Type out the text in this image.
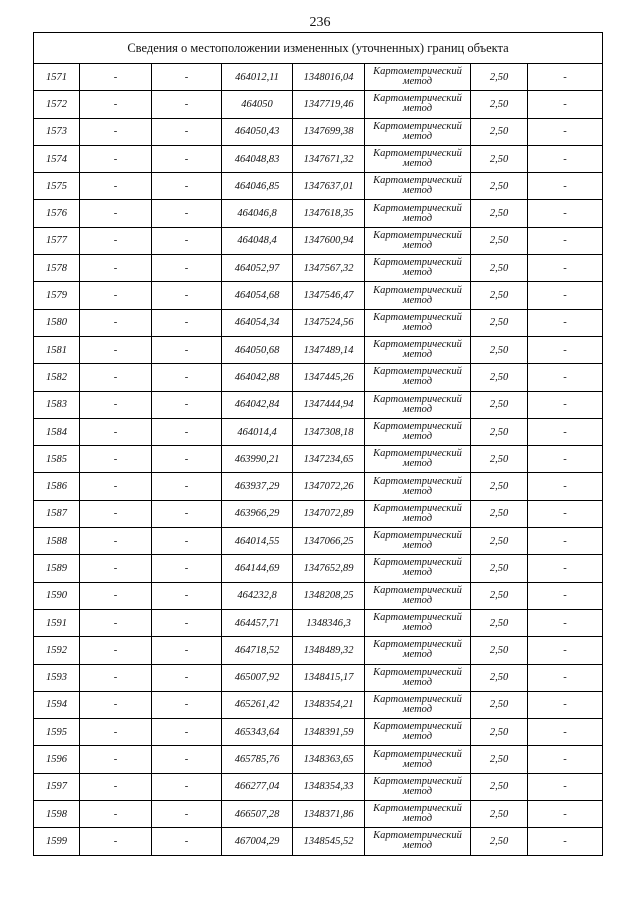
236
Сведения о местоположении измененных (уточненных) границ объекта							
1571	-	-	464012,11	1348016,04	Картометрический
метод	2,50	-
1572	-	-	464050	1347719,46	Картометрический
метод	2,50	-
1573	-	-	464050,43	1347699,38	Картометрический
метод	2,50	-
1574	-	-	464048,83	1347671,32	Картометрический
метод	2,50	-
1575	-	-	464046,85	1347637,01	Картометрический
метод	2,50	-
1576	-	-	464046,8	1347618,35	Картометрический
метод	2,50	-
1577	-	-	464048,4	1347600,94	Картометрический
метод	2,50	-
1578	-	-	464052,97	1347567,32	Картометрический
метод	2,50	-
1579	-	-	464054,68	1347546,47	Картометрический
метод	2,50	-
1580	-	-	464054,34	1347524,56	Картометрический
метод	2,50	-
1581	-	-	464050,68	1347489,14	Картометрический
метод	2,50	-
1582	-	-	464042,88	1347445,26	Картометрический
метод	2,50	-
1583	-	-	464042,84	1347444,94	Картометрический
метод	2,50	-
1584	-	-	464014,4	1347308,18	Картометрический
метод	2,50	-
1585	-	-	463990,21	1347234,65	Картометрический
метод	2,50	-
1586	-	-	463937,29	1347072,26	Картометрический
метод	2,50	-
1587	-	-	463966,29	1347072,89	Картометрический
метод	2,50	-
1588	-	-	464014,55	1347066,25	Картометрический
метод	2,50	-
1589	-	-	464144,69	1347652,89	Картометрический
метод	2,50	-
1590	-	-	464232,8	1348208,25	Картометрический
метод	2,50	-
1591	-	-	464457,71	1348346,3	Картометрический
метод	2,50	-
1592	-	-	464718,52	1348489,32	Картометрический
метод	2,50	-
1593	-	-	465007,92	1348415,17	Картометрический
метод	2,50	-
1594	-	-	465261,42	1348354,21	Картометрический
метод	2,50	-
1595	-	-	465343,64	1348391,59	Картометрический
метод	2,50	-
1596	-	-	465785,76	1348363,65	Картометрический
метод	2,50	-
1597	-	-	466277,04	1348354,33	Картометрический
метод	2,50	-
1598	-	-	466507,28	1348371,86	Картометрический
метод	2,50	-
1599	-	-	467004,29	1348545,52	Картометрический
метод	2,50	-
